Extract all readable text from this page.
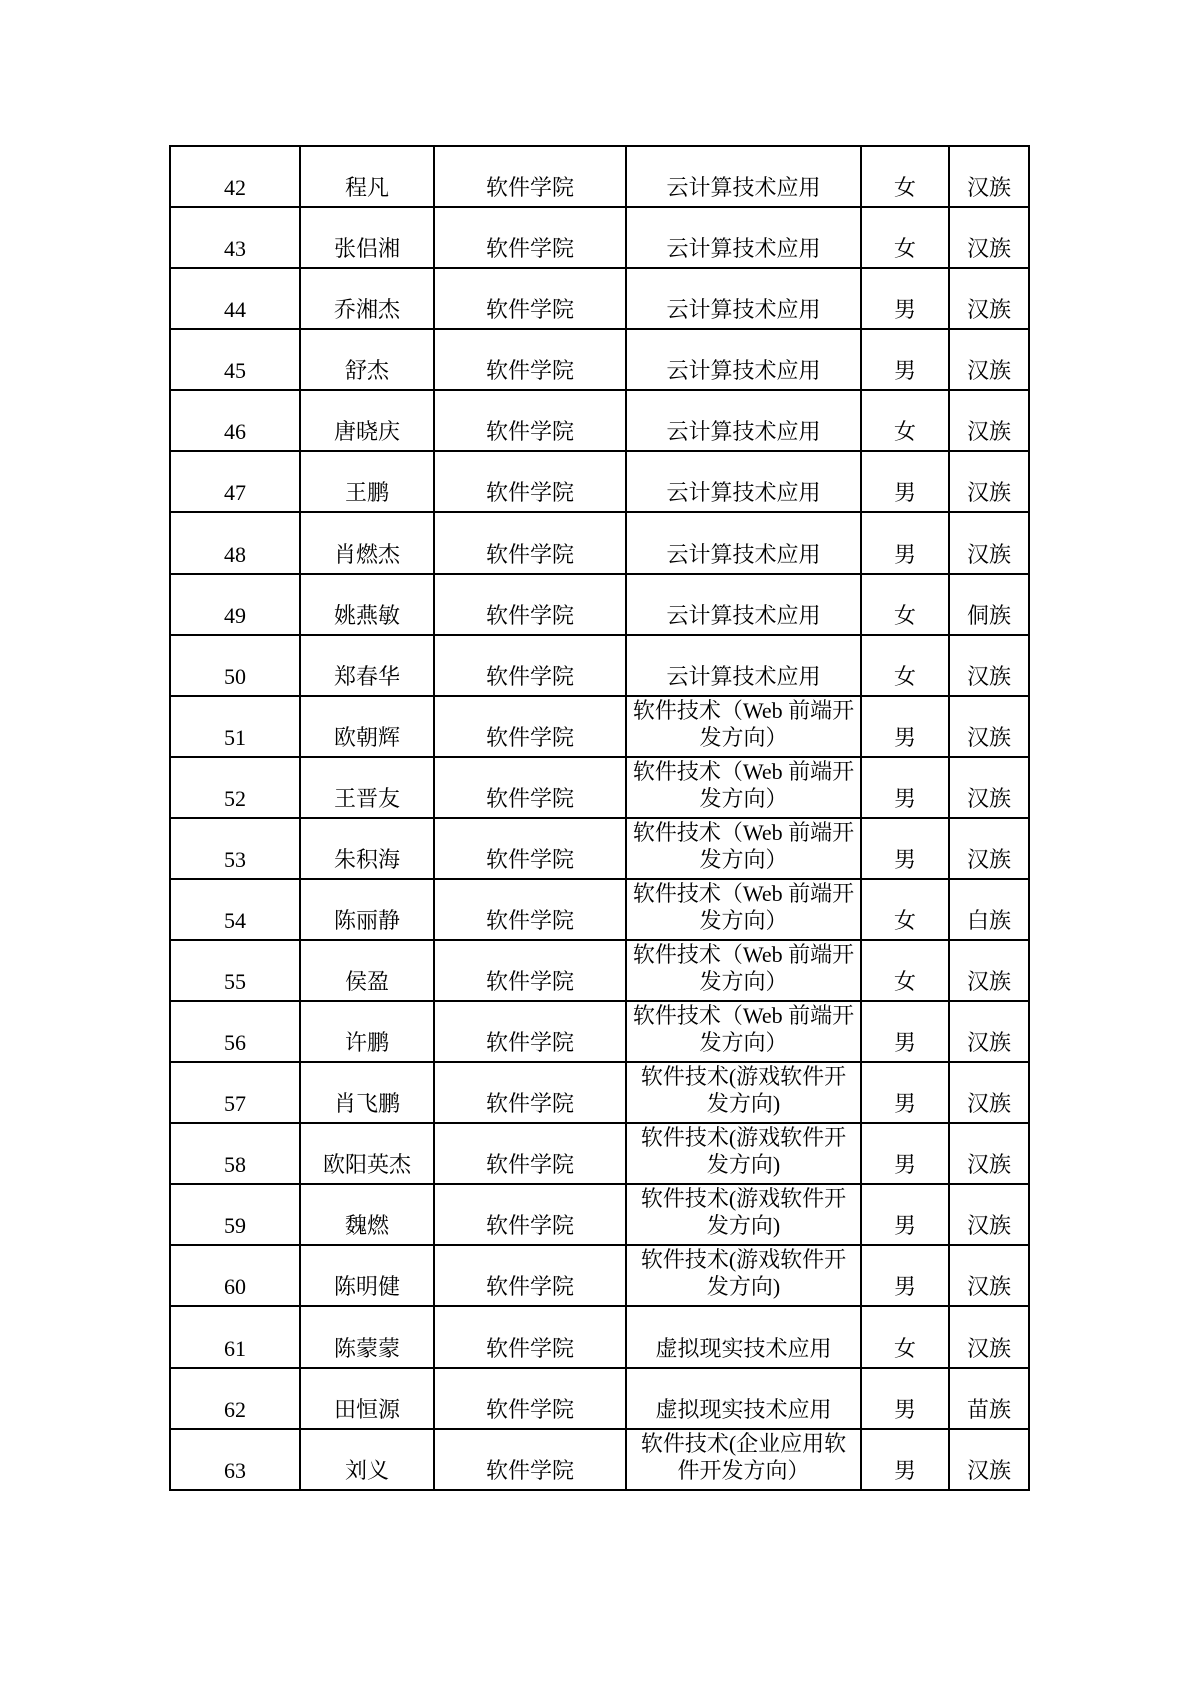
42	程凡	软件学院	云计算技术应用	女	汉族
43	张侣湘	软件学院	云计算技术应用	女	汉族
44	乔湘杰	软件学院	云计算技术应用	男	汉族
45	舒杰	软件学院	云计算技术应用	男	汉族
46	唐晓庆	软件学院	云计算技术应用	女	汉族
47	王鹏	软件学院	云计算技术应用	男	汉族
48	肖燃杰	软件学院	云计算技术应用	男	汉族
49	姚燕敏	软件学院	云计算技术应用	女	侗族
50	郑春华	软件学院	云计算技术应用	女	汉族
51	欧朝辉	软件学院	软件技术（Web 前端开发方向）	男	汉族
52	王晋友	软件学院	软件技术（Web 前端开发方向）	男	汉族
53	朱积海	软件学院	软件技术（Web 前端开发方向）	男	汉族
54	陈丽静	软件学院	软件技术（Web 前端开发方向）	女	白族
55	侯盈	软件学院	软件技术（Web 前端开发方向）	女	汉族
56	许鹏	软件学院	软件技术（Web 前端开发方向）	男	汉族
57	肖飞鹏	软件学院	软件技术(游戏软件开发方向)	男	汉族
58	欧阳英杰	软件学院	软件技术(游戏软件开发方向)	男	汉族
59	魏燃	软件学院	软件技术(游戏软件开发方向)	男	汉族
60	陈明健	软件学院	软件技术(游戏软件开发方向)	男	汉族
61	陈蒙蒙	软件学院	虚拟现实技术应用	女	汉族
62	田恒源	软件学院	虚拟现实技术应用	男	苗族
63	刘义	软件学院	软件技术(企业应用软件开发方向）	男	汉族
